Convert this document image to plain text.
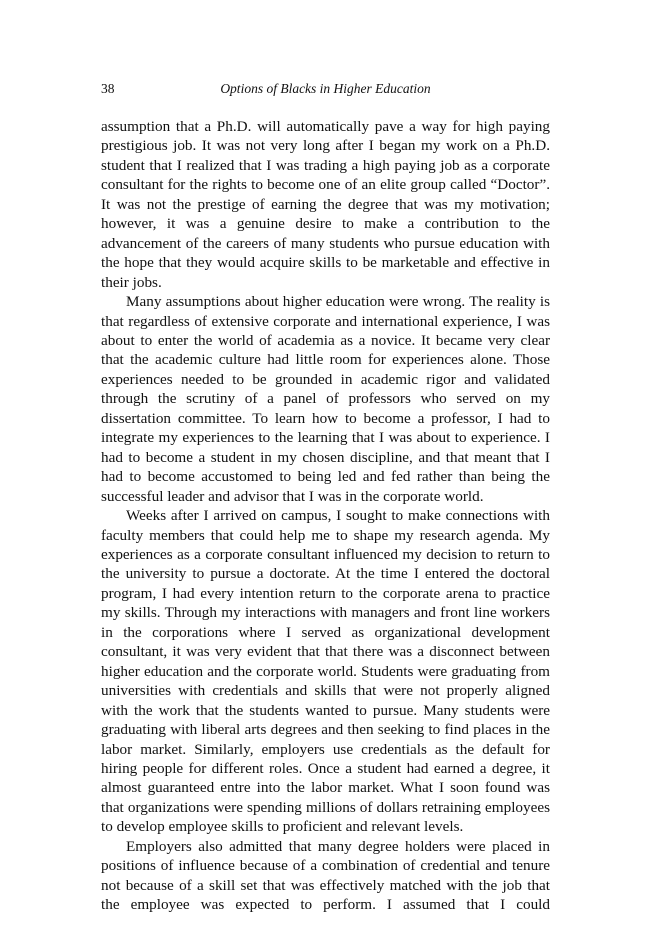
38	Options of Blacks in Higher Education

assumption that a Ph.D. will automatically pave a way for high paying prestigious job. It was not very long after I began my work on a Ph.D. student that I realized that I was trading a high paying job as a corporate consultant for the rights to become one of an elite group called “Doctor”. It was not the prestige of earning the degree that was my motivation; however, it was a genuine desire to make a contribution to the advancement of the careers of many students who pursue education with the hope that they would acquire skills to be marketable and effective in their jobs.

Many assumptions about higher education were wrong. The reality is that regardless of extensive corporate and international experience, I was about to enter the world of academia as a novice. It became very clear that the academic culture had little room for experiences alone. Those experiences needed to be grounded in academic rigor and validated through the scrutiny of a panel of professors who served on my dissertation committee. To learn how to become a professor, I had to integrate my experiences to the learning that I was about to experience. I had to become a student in my chosen discipline, and that meant that I had to become accustomed to being led and fed rather than being the successful leader and advisor that I was in the corporate world.

Weeks after I arrived on campus, I sought to make connections with faculty members that could help me to shape my research agenda. My experiences as a corporate consultant influenced my decision to return to the university to pursue a doctorate. At the time I entered the doctoral program, I had every intention return to the corporate arena to practice my skills. Through my interactions with managers and front line workers in the corporations where I served as organizational development consultant, it was very evident that that there was a disconnect between higher education and the corporate world. Students were graduating from universities with credentials and skills that were not properly aligned with the work that the students wanted to pursue. Many students were graduating with liberal arts degrees and then seeking to find places in the labor market. Similarly, employers use credentials as the default for hiring people for different roles. Once a student had earned a degree, it almost guaranteed entre into the labor market. What I soon found was that organizations were spending millions of dollars retraining employees to develop employee skills to proficient and relevant levels.

Employers also admitted that many degree holders were placed in positions of influence because of a combination of credential and tenure not because of a skill set that was effectively matched with the job that the employee was expected to perform. I assumed that I could
